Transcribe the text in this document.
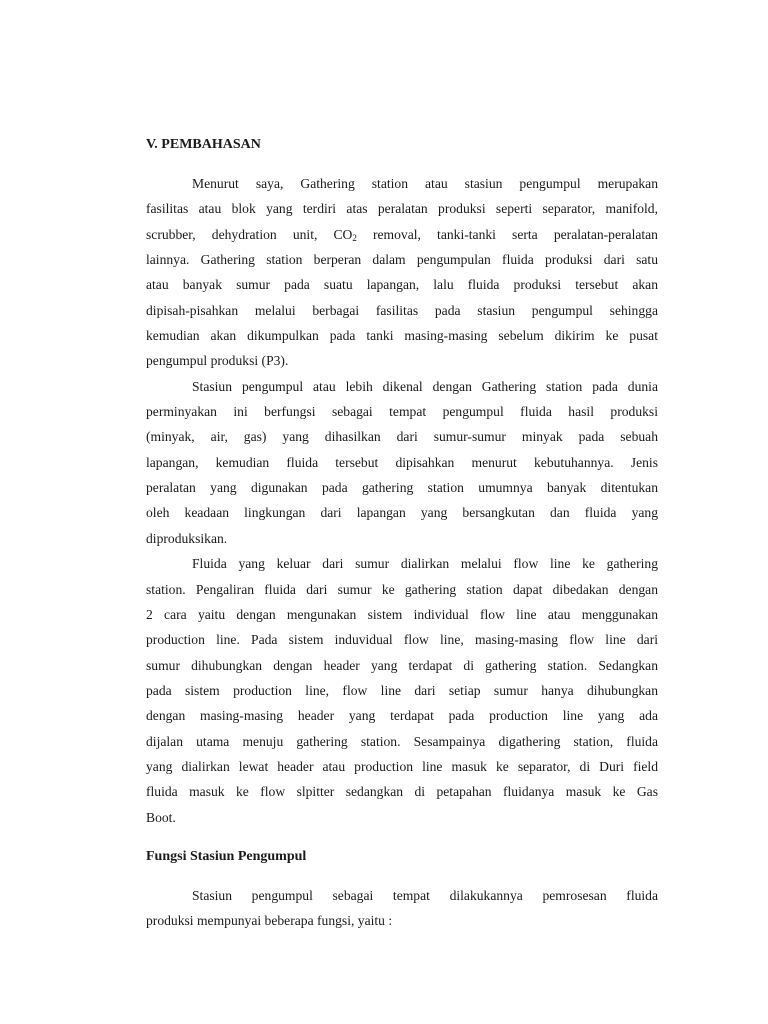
V. PEMBAHASAN

Menurut saya, Gathering station atau stasiun pengumpul merupakan
fasilitas atau blok yang terdiri atas peralatan produksi seperti separator, manifold,
scrubber, dehydration unit, $CO_2$ removal, tanki-tanki serta peralatan-peralatan
lainnya. Gathering station berperan dalam pengumpulan fluida produksi dari satu
atau banyak sumur pada suatu lapangan, lalu fluida produksi tersebut akan
dipisah-pisahkan melalui berbagai fasilitas pada stasiun pengumpul sehingga
kemudian akan dikumpulkan pada tanki masing-masing sebelum dikirim ke pusat
pengumpul produksi (P3).

Stasiun pengumpul atau lebih dikenal dengan Gathering station pada dunia
perminyakan ini berfungsi sebagai tempat pengumpul fluida hasil produksi
(minyak, air, gas) yang dihasilkan dari sumur-sumur minyak pada sebuah
lapangan, kemudian fluida tersebut dipisahkan menurut kebutuhannya. Jenis
peralatan yang digunakan pada gathering station umumnya banyak ditentukan
oleh keadaan lingkungan dari lapangan yang bersangkutan dan fluida yang
diproduksikan.

Fluida yang keluar dari sumur dialirkan melalui flow line ke gathering
station. Pengaliran fluida dari sumur ke gathering station dapat dibedakan dengan
2 cara yaitu dengan mengunakan sistem individual flow line atau menggunakan
production line. Pada sistem induvidual flow line, masing-masing flow line dari
sumur dihubungkan dengan header yang terdapat di gathering station. Sedangkan
pada sistem production line, flow line dari setiap sumur hanya dihubungkan
dengan masing-masing header yang terdapat pada production line yang ada
dijalan utama menuju gathering station. Sesampainya digathering station, fluida
yang dialirkan lewat header atau production line masuk ke separator, di Duri field
fluida masuk ke flow slpitter sedangkan di petapahan fluidanya masuk ke Gas
Boot.

Fungsi Stasiun Pengumpul

Stasiun pengumpul sebagai tempat dilakukannya pemrosesan fluida
produksi mempunyai beberapa fungsi, yaitu :
